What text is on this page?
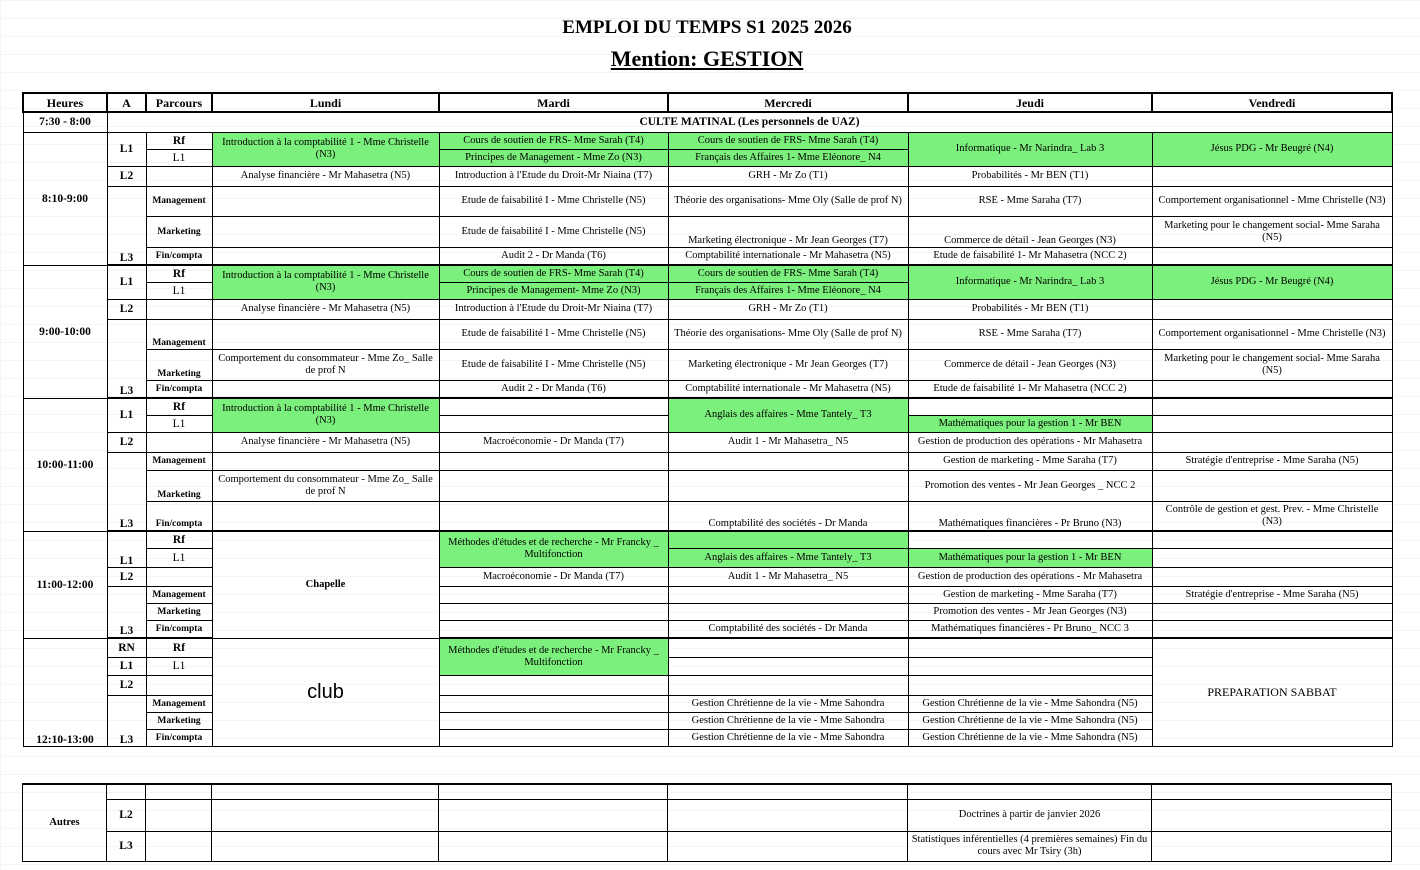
EMPLOI DU TEMPS S1 2025 2026
Mention: GESTION
Heures	A	Parcours	Lundi	Mardi	Mercredi	Jeudi	Vendredi
7:30 - 8:00	CULTE MATINAL (Les personnels de UAZ)						
8:10-9:00	L1	Rf	Introduction à la comptabilité 1 - Mme Christelle (N3)	Cours de soutien de FRS- Mme Sarah (T4)	Cours de soutien de FRS- Mme Sarah (T4)	Informatique - Mr Narindra_ Lab 3	Jésus PDG - Mr Beugré (N4)
		L1		Principes de Management - Mme Zo (N3)	Français des Affaires 1- Mme Eléonore_ N4		
	L2		Analyse financière - Mr Mahasetra (N5)	Introduction à l'Etude du Droit-Mr Niaina (T7)	GRH - Mr Zo (T1)	Probabilités - Mr BEN (T1)	
	L3	Management		Etude de faisabilité I - Mme Christelle (N5)	Théorie des organisations- Mme Oly (Salle de prof N)	RSE - Mme Saraha (T7)	Comportement organisationnel - Mme Christelle (N3)
		Marketing		Etude de faisabilité I - Mme Christelle (N5)	Marketing électronique - Mr Jean Georges (T7)	Commerce de détail - Jean Georges (N3)	Marketing pour le changement social- Mme Saraha (N5)
		Fin/compta		Audit 2 - Dr Manda (T6)	Comptabilité internationale - Mr Mahasetra (N5)	Etude de faisabilité 1- Mr Mahasetra (NCC 2)	

9:00-10:00	L1	Rf	Introduction à la comptabilité 1 - Mme Christelle (N3)	Cours de soutien de FRS- Mme Sarah (T4)	Cours de soutien de FRS- Mme Sarah (T4)	Informatique - Mr Narindra_ Lab 3	Jésus PDG - Mr Beugré (N4)
		L1		Principes de Management- Mme Zo (N3)	Français des Affaires 1- Mme Eléonore_ N4		
	L2		Analyse financière - Mr Mahasetra (N5)	Introduction à l'Etude du Droit-Mr Niaina (T7)	GRH - Mr Zo (T1)	Probabilités - Mr BEN (T1)	
	L3	Management		Etude de faisabilité I - Mme Christelle (N5)	Théorie des organisations- Mme Oly (Salle de prof N)	RSE - Mme Saraha (T7)	Comportement organisationnel - Mme Christelle (N3)
		Marketing	Comportement du consommateur - Mme Zo_ Salle de prof N	Etude de faisabilité I - Mme Christelle (N5)	Marketing électronique - Mr Jean Georges (T7)	Commerce de détail - Jean Georges (N3)	Marketing pour le changement social- Mme Saraha (N5)
		Fin/compta		Audit 2 - Dr Manda (T6)	Comptabilité internationale - Mr Mahasetra (N5)	Etude de faisabilité 1- Mr Mahasetra (NCC 2)	

10:00-11:00	L1	Rf	Introduction à la comptabilité 1 - Mme Christelle (N3)		Anglais des affaires - Mme Tantely_ T3		
		L1				Mathématiques pour la gestion 1 - Mr BEN	
	L2		Analyse financière - Mr Mahasetra (N5)	Macroéconomie - Dr Manda (T7)	Audit 1 - Mr Mahasetra_ N5	Gestion de production des opérations - Mr Mahasetra	
	L3	Management				Gestion de marketing - Mme Saraha (T7)	Stratégie d'entreprise - Mme Saraha (N5)
		Marketing	Comportement du consommateur - Mme Zo_ Salle de prof N			Promotion des ventes - Mr Jean Georges _ NCC 2	
		Fin/compta			Comptabilité des sociétés - Dr Manda	Mathématiques financières - Pr Bruno (N3)	Contrôle de gestion et gest. Prev. - Mme Christelle (N3)

11:00-12:00	L1	Rf	Chapelle	Méthodes d'études et de recherche - Mr Francky _ Multifonction			
		L1			Anglais des affaires - Mme Tantely_ T3	Mathématiques pour la gestion 1 - Mr BEN	
	L2			Macroéconomie - Dr Manda (T7)	Audit 1 - Mr Mahasetra_ N5	Gestion de production des opérations - Mr Mahasetra	
	L3	Management				Gestion de marketing - Mme Saraha (T7)	Stratégie d'entreprise - Mme Saraha (N5)
		Marketing				Promotion des ventes - Mr Jean Georges (N3)	
		Fin/compta			Comptabilité des sociétés - Dr Manda	Mathématiques financières - Pr Bruno_ NCC 3	

12:10-13:00	RN	Rf	club	Méthodes d'études et de recherche - Mr Francky _ Multifonction			PREPARATION SABBAT
	L1	L1					
	L2						
	L3	Management			Gestion Chrétienne de la vie - Mme Sahondra	Gestion Chrétienne de la vie - Mme Sahondra (N5)	
		Marketing			Gestion Chrétienne de la vie - Mme Sahondra	Gestion Chrétienne de la vie - Mme Sahondra (N5)	
		Fin/compta			Gestion Chrétienne de la vie - Mme Sahondra	Gestion Chrétienne de la vie - Mme Sahondra (N5)	
Autres							
	L2					Doctrines à partir de janvier 2026	
	L3					Statistiques inférentielles (4 premières semaines) Fin du cours avec Mr Tsiry (3h)	
